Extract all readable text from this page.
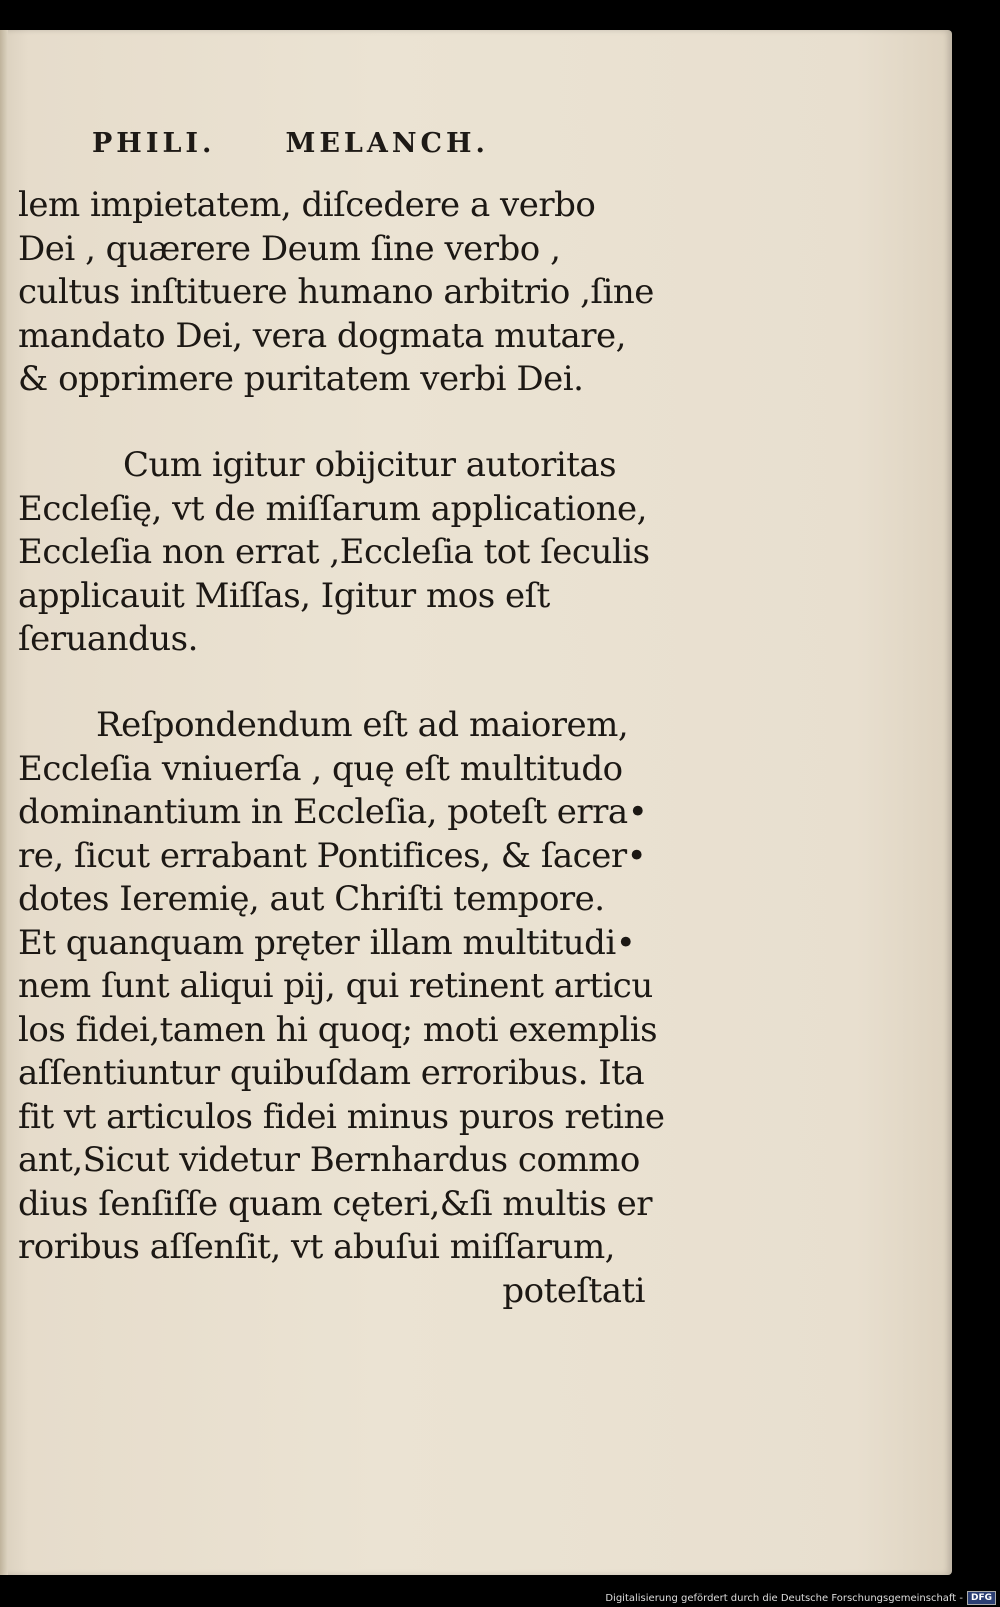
PHILI.	MELANCH.
lem impietatem, diſcedere a verbo
Dei , quærere Deum ſine verbo ,
cultus inſtituere humano arbitrio ,ſine
mandato Dei, vera dogmata mutare,
& opprimere puritatem verbi Dei.
Cum igitur obijcitur autoritas
Eccleſię, vt de miſſarum applicatione,
Eccleſia non errat ,Eccleſia tot ſeculis
applicauit Miſſas, Igitur mos eſt
ſeruandus.
Reſpondendum eſt ad maiorem,
Eccleſia vniuerſa , quę eſt multitudo
dominantium in Eccleſia, poteſt erra•
re, ſicut errabant Pontifices, & ſacer•
dotes Ieremię, aut Chriſti tempore.
Et quanquam pręter illam multitudi•
nem ſunt aliqui pij, qui retinent articu
los fidei,tamen hi quoq; moti exemplis
aſſentiuntur quibuſdam erroribus. Ita
fit vt articulos fidei minus puros retine
ant,Sicut videtur Bernhardus commo
dius ſenſiſſe quam cęteri,&ſi multis er
roribus aſſenſit, vt abuſui miſſarum,
poteſtati
Digitalisierung gefördert durch die Deutsche Forschungsgemeinschaft - DFG
